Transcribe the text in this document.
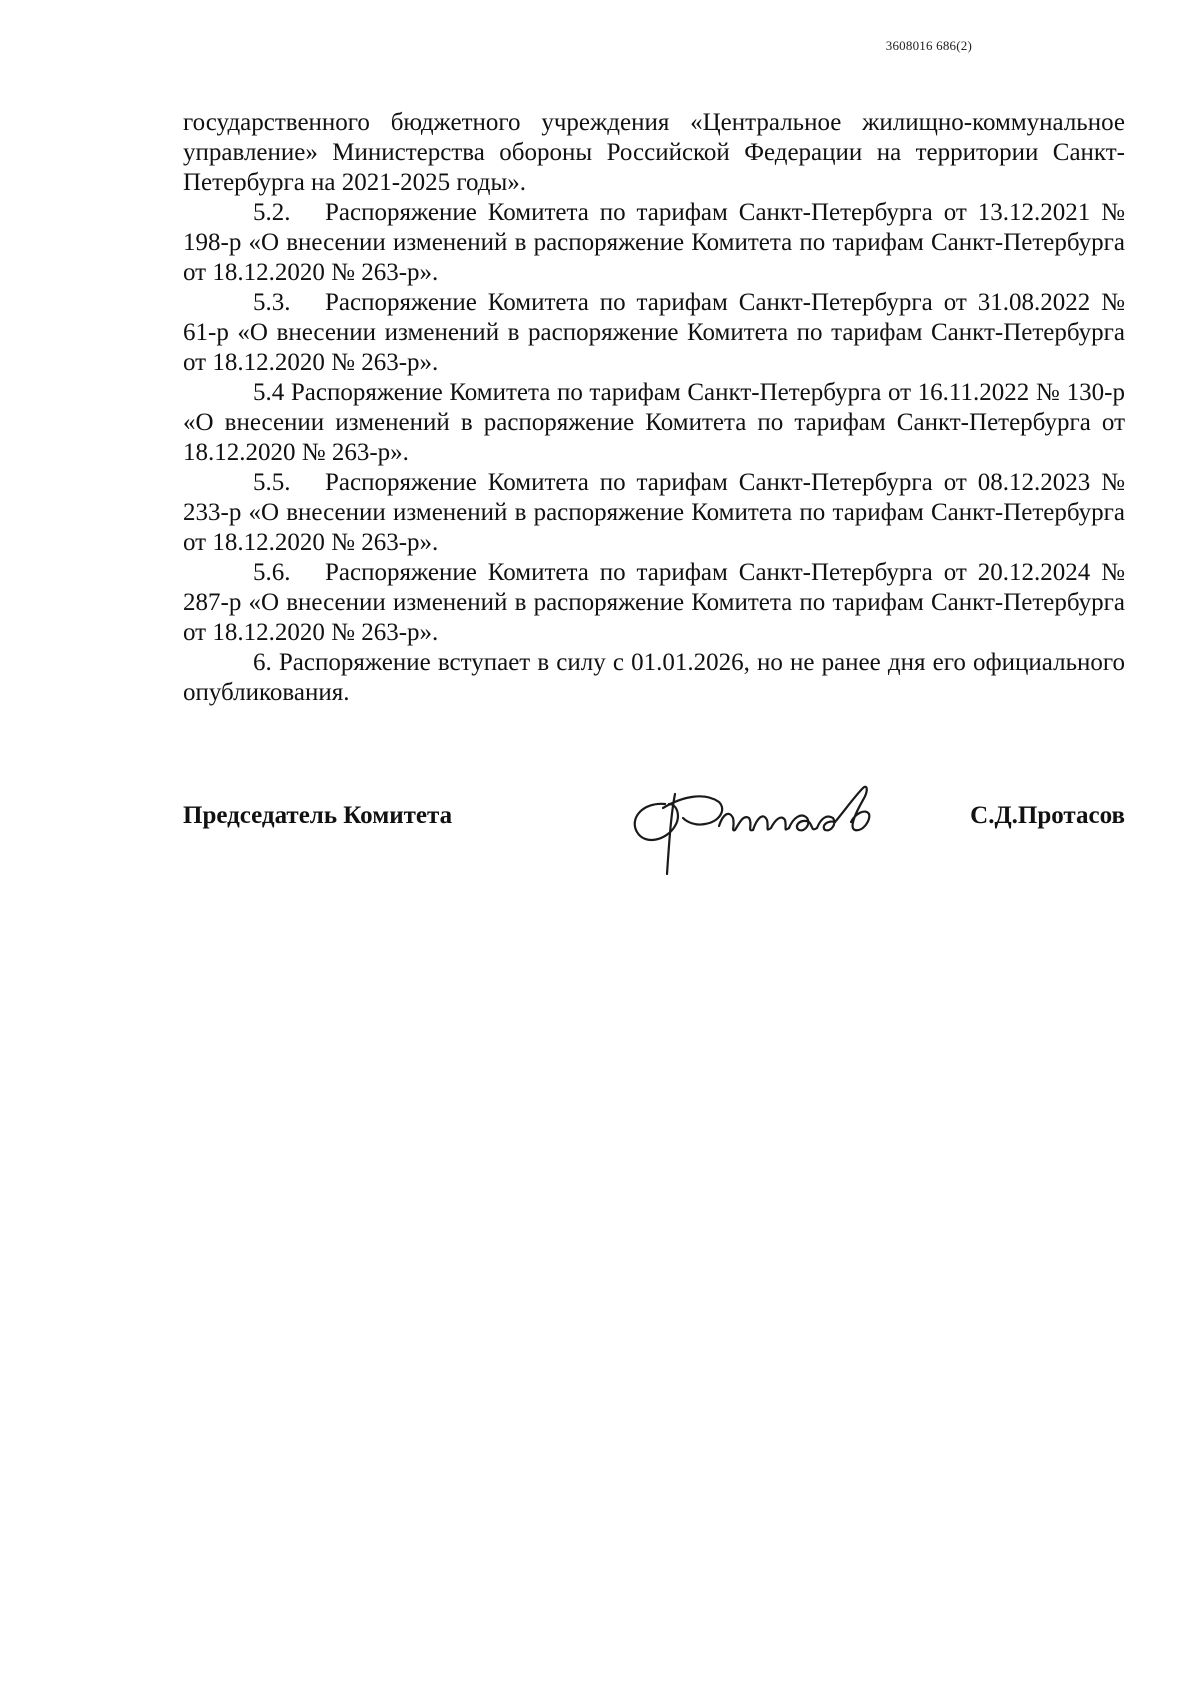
3608016 686(2)

государственного бюджетного учреждения «Центральное жилищно-коммунальное управление» Министерства обороны Российской Федерации на территории Санкт-Петербурга на 2021-2025 годы».

5.2. Распоряжение Комитета по тарифам Санкт-Петербурга от 13.12.2021 № 198-р «О внесении изменений в распоряжение Комитета по тарифам Санкт-Петербурга от 18.12.2020 № 263-р».

5.3. Распоряжение Комитета по тарифам Санкт-Петербурга от 31.08.2022 № 61-р «О внесении изменений в распоряжение Комитета по тарифам Санкт-Петербурга от 18.12.2020 № 263-р».

5.4 Распоряжение Комитета по тарифам Санкт-Петербурга от 16.11.2022 № 130-р «О внесении изменений в распоряжение Комитета по тарифам Санкт-Петербурга от 18.12.2020 № 263-р».

5.5. Распоряжение Комитета по тарифам Санкт-Петербурга от 08.12.2023 № 233-р «О внесении изменений в распоряжение Комитета по тарифам Санкт-Петербурга от 18.12.2020 № 263-р».

5.6. Распоряжение Комитета по тарифам Санкт-Петербурга от 20.12.2024 № 287-р «О внесении изменений в распоряжение Комитета по тарифам Санкт-Петербурга от 18.12.2020 № 263-р».

6. Распоряжение вступает в силу с 01.01.2026, но не ранее дня его официального опубликования.

Председатель Комитета	С.Д.Протасов
